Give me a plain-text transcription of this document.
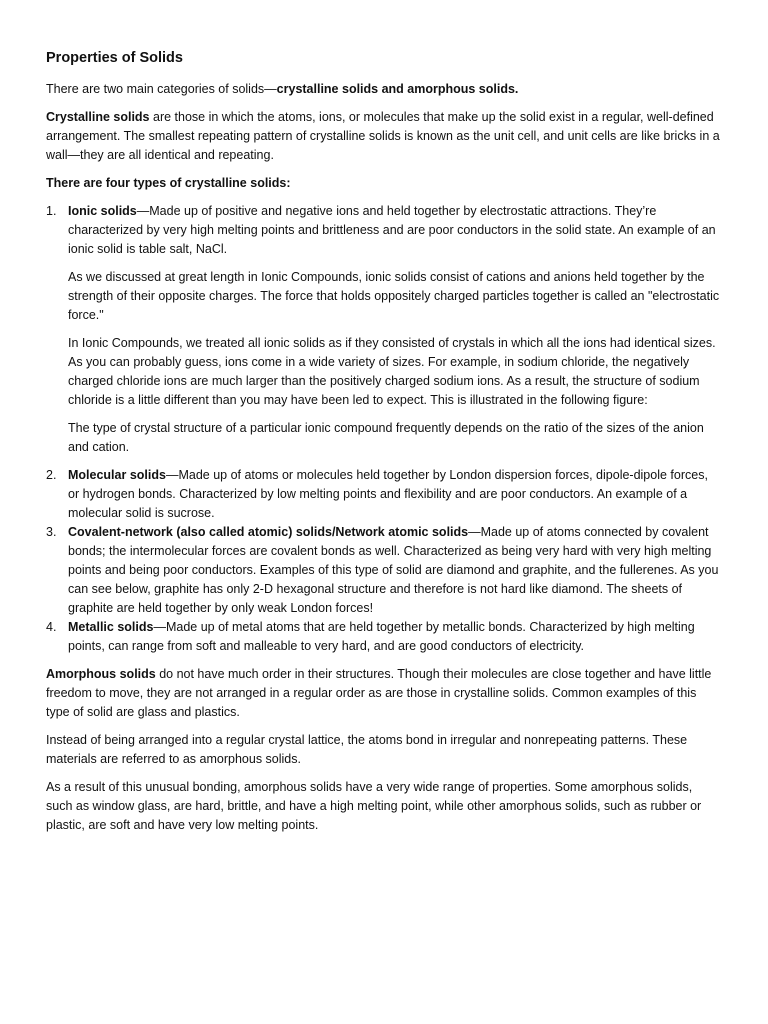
Properties of Solids

There are two main categories of solids—crystalline solids and amorphous solids.

Crystalline solids are those in which the atoms, ions, or molecules that make up the solid exist in a regular, well-defined arrangement. The smallest repeating pattern of crystalline solids is known as the unit cell, and unit cells are like bricks in a wall—they are all identical and repeating.

There are four types of crystalline solids:

1. Ionic solids—Made up of positive and negative ions and held together by electrostatic attractions. They’re characterized by very high melting points and brittleness and are poor conductors in the solid state. An example of an ionic solid is table salt, NaCl.

As we discussed at great length in Ionic Compounds, ionic solids consist of cations and anions held together by the strength of their opposite charges. The force that holds oppositely charged particles together is called an "electrostatic force."

In Ionic Compounds, we treated all ionic solids as if they consisted of crystals in which all the ions had identical sizes. As you can probably guess, ions come in a wide variety of sizes. For example, in sodium chloride, the negatively charged chloride ions are much larger than the positively charged sodium ions. As a result, the structure of sodium chloride is a little different than you may have been led to expect. This is illustrated in the following figure:

The type of crystal structure of a particular ionic compound frequently depends on the ratio of the sizes of the anion and cation.

2. Molecular solids—Made up of atoms or molecules held together by London dispersion forces, dipole-dipole forces, or hydrogen bonds. Characterized by low melting points and flexibility and are poor conductors. An example of a molecular solid is sucrose.
3. Covalent-network (also called atomic) solids/Network atomic solids—Made up of atoms connected by covalent bonds; the intermolecular forces are covalent bonds as well. Characterized as being very hard with very high melting points and being poor conductors. Examples of this type of solid are diamond and graphite, and the fullerenes. As you can see below, graphite has only 2-D hexagonal structure and therefore is not hard like diamond. The sheets of graphite are held together by only weak London forces!
4. Metallic solids—Made up of metal atoms that are held together by metallic bonds. Characterized by high melting points, can range from soft and malleable to very hard, and are good conductors of electricity.

Amorphous solids do not have much order in their structures. Though their molecules are close together and have little freedom to move, they are not arranged in a regular order as are those in crystalline solids. Common examples of this type of solid are glass and plastics.

Instead of being arranged into a regular crystal lattice, the atoms bond in irregular and nonrepeating patterns. These materials are referred to as amorphous solids.

As a result of this unusual bonding, amorphous solids have a very wide range of properties. Some amorphous solids, such as window glass, are hard, brittle, and have a high melting point, while other amorphous solids, such as rubber or plastic, are soft and have very low melting points.
